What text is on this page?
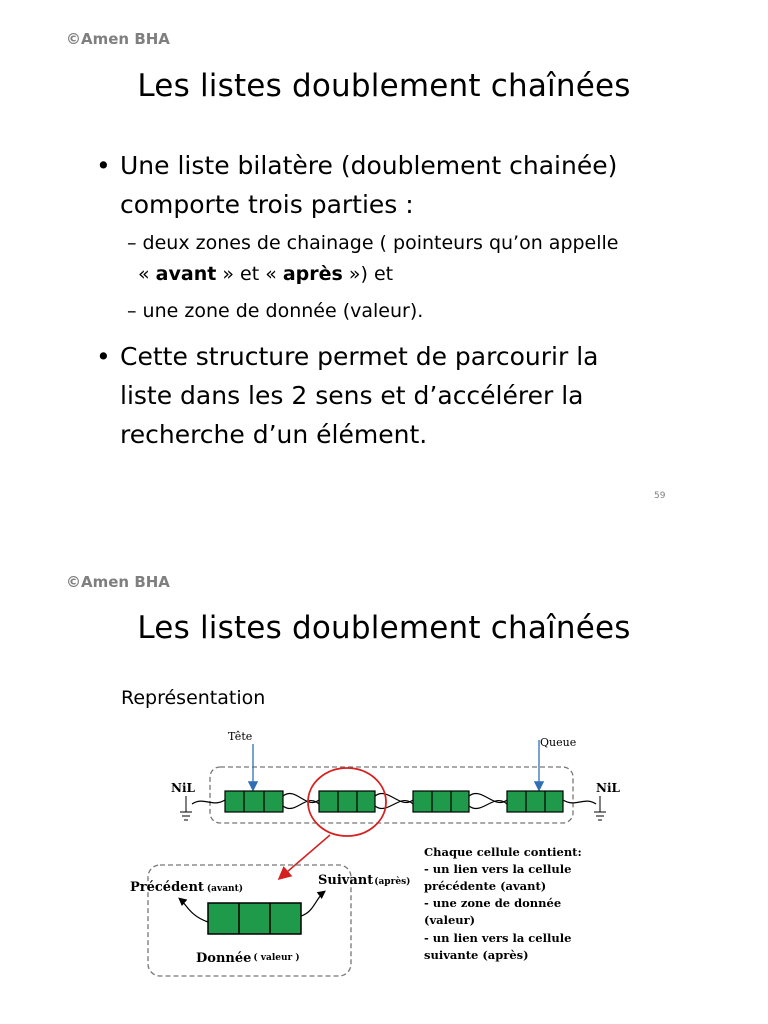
©Amen BHA
Les listes doublement chaînées
• Une liste bilatère (doublement chainée)
comporte trois parties :
– deux zones de chainage ( pointeurs qu’on appelle
« avant » et « après ») et
– une zone de donnée (valeur).
• Cette structure permet de parcourir la
liste dans les 2 sens et d’accélérer la
recherche d’un élément.
59
©Amen BHA
Les listes doublement chaînées
Représentation
Tête	Queue
NiL	NiL
Précédent (avant)
Suivant(après)
Donnée ( valeur )
Chaque cellule contient:
- un lien vers la cellule
précédente (avant)
- une zone de donnée
(valeur)
- un lien vers la cellule
suivante (après)
